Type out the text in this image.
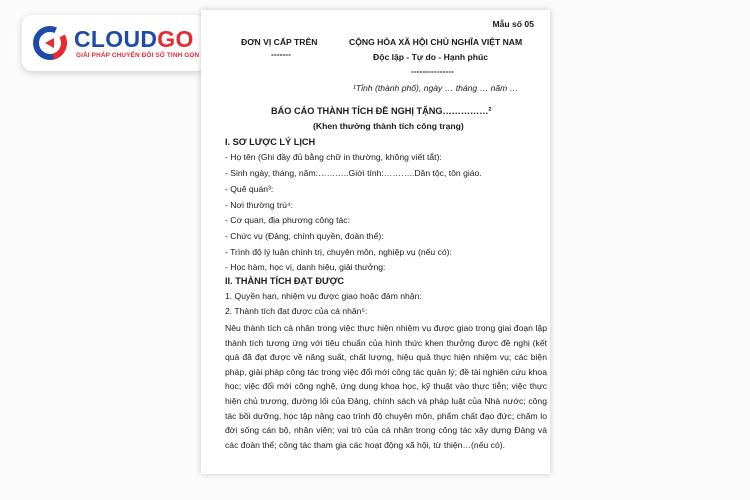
CLOUDGO
GIẢI PHÁP CHUYỂN ĐỔI SỐ TINH GỌN
Mẫu số 05
ĐƠN VỊ CẤP TRÊN
-------
CỘNG HÒA XÃ HỘI CHỦ NGHĨA VIỆT NAM
Độc lập - Tự do - Hạnh phúc
---------------
¹Tỉnh (thành phố), ngày … tháng … năm …
BÁO CÁO THÀNH TÍCH ĐỀ NGHỊ TẶNG……………²
(Khen thưởng thành tích công trạng)
I. SƠ LƯỢC LÝ LỊCH
- Họ tên (Ghi đầy đủ bằng chữ in thường, không viết tắt):
- Sinh ngày, tháng, năm:………..Giới tính:………..Dân tộc, tôn giáo.
- Quê quán³:
- Nơi thường trú⁴:
- Cơ quan, địa phương công tác:
- Chức vụ (Đảng, chính quyền, đoàn thể):
- Trình độ lý luận chính trị, chuyên môn, nghiệp vụ (nếu có):
- Học hàm, học vị, danh hiệu, giải thưởng:
II. THÀNH TÍCH ĐẠT ĐƯỢC
1. Quyền hạn, nhiệm vụ được giao hoặc đảm nhận:
2. Thành tích đạt được của cá nhân⁵:
Nêu thành tích cá nhân trong việc thực hiện nhiệm vụ được giao trong giai đoạn lập thành tích tương ứng với tiêu chuẩn của hình thức khen thưởng được đề nghị (kết quả đã đạt được về năng suất, chất lượng, hiệu quả thực hiện nhiệm vụ; các biện pháp, giải pháp công tác trong việc đổi mới công tác quản lý; đề tài nghiên cứu khoa học; việc đổi mới công nghệ, ứng dụng khoa học, kỹ thuật vào thực tiễn; việc thực hiện chủ trương, đường lối của Đảng, chính sách và pháp luật của Nhà nước; công tác bồi dưỡng, học tập nâng cao trình độ chuyên môn, phẩm chất đạo đức; chăm lo đời sống cán bộ, nhân viên; vai trò của cá nhân trong công tác xây dựng Đảng và các đoàn thể; công tác tham gia các hoạt động xã hội, từ thiện…(nếu có).
